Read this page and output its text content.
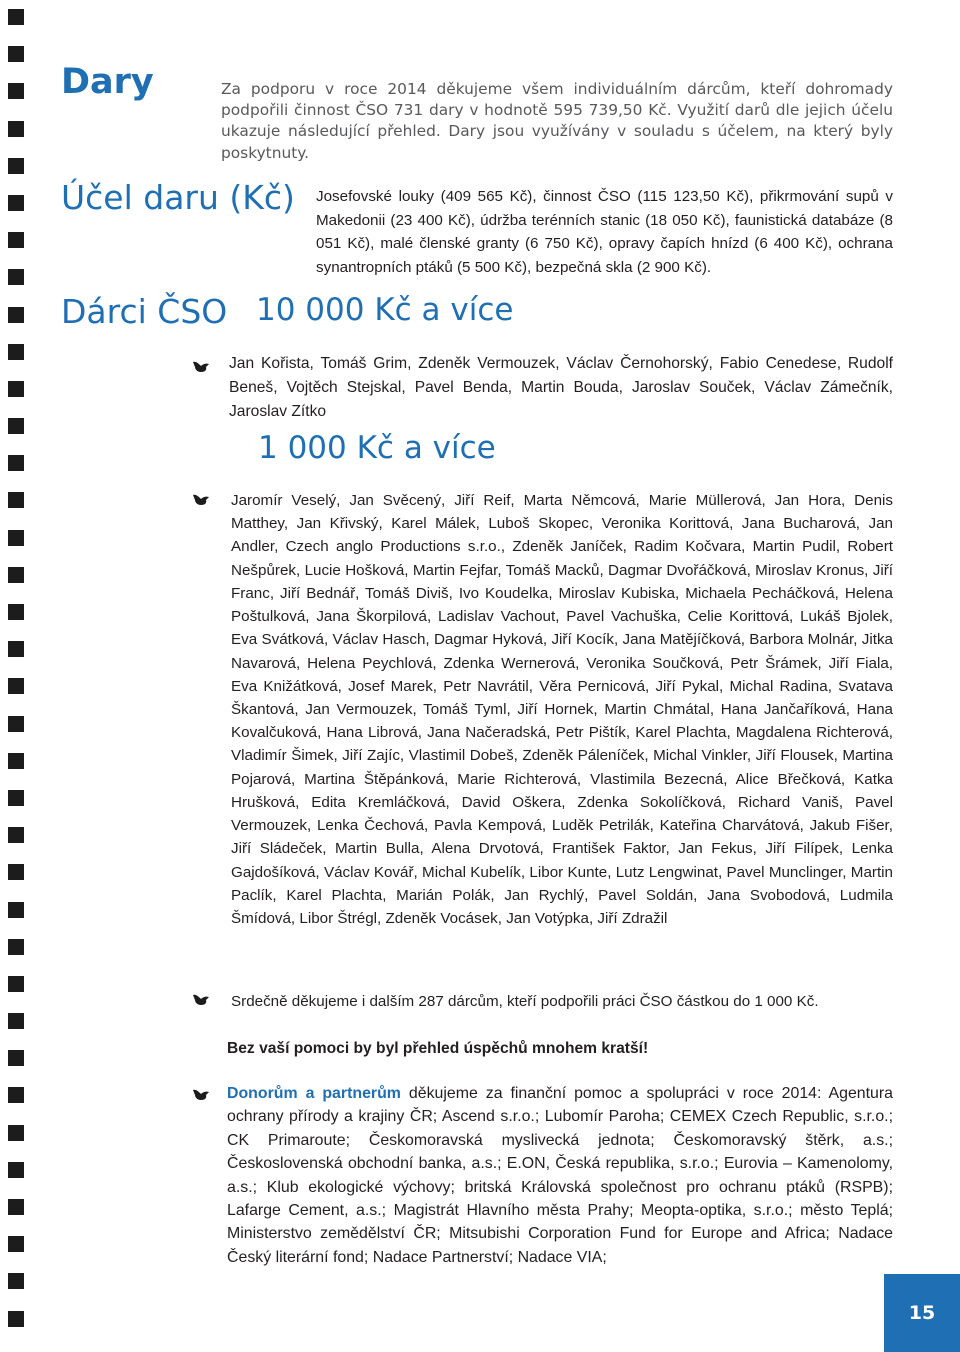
Dary
Účel daru (Kč)
Dárci ČSO

Za podporu v roce 2014 děkujeme všem individuálním dárcům, kteří dohromady podpořili činnost ČSO 731 dary v hodnotě 595 739,50 Kč. Využití darů dle jejich účelu ukazuje následující přehled. Dary jsou využívány v souladu s účelem, na který byly poskytnuty.

Josefovské louky (409 565 Kč), činnost ČSO (115 123,50 Kč), přikrmování supů v Makedonii (23 400 Kč), údržba terénních stanic (18 050 Kč), faunistická databáze (8 051 Kč), malé členské granty (6 750 Kč), opravy čapích hnízd (6 400 Kč), ochrana synantropních ptáků (5 500 Kč), bezpečná skla (2 900 Kč).

10 000 Kč a více

Jan Kořista, Tomáš Grim, Zdeněk Vermouzek, Václav Černohorský, Fabio Cenedese, Rudolf Beneš, Vojtěch Stejskal, Pavel Benda, Martin Bouda, Jaroslav Souček, Václav Zámečník, Jaroslav Zítko

1 000 Kč a více

Jaromír Veselý, Jan Svěcený, Jiří Reif, Marta Němcová, Marie Müllerová, Jan Hora, Denis Matthey, Jan Křivský, Karel Málek, Luboš Skopec, Veronika Korittová, Jana Bucharová, Jan Andler, Czech anglo Productions s.r.o., Zdeněk Janíček, Radim Kočvara, Martin Pudil, Robert Nešpůrek, Lucie Hošková, Martin Fejfar, Tomáš Macků, Dagmar Dvořáčková, Miroslav Kronus, Jiří Franc, Jiří Bednář, Tomáš Diviš, Ivo Koudelka, Miroslav Kubiska, Michaela Pecháčková, Helena Poštulková, Jana Škorpilová, Ladislav Vachout, Pavel Vachuška, Celie Korittová, Lukáš Bjolek, Eva Svátková, Václav Hasch, Dagmar Hyková, Jiří Kocík, Jana Matějíčková, Barbora Molnár, Jitka Navarová, Helena Peychlová, Zdenka Wernerová, Veronika Součková, Petr Šrámek, Jiří Fiala, Eva Knižátková, Josef Marek, Petr Navrátil, Věra Pernicová, Jiří Pykal, Michal Radina, Svatava Škantová, Jan Vermouzek, Tomáš Tyml, Jiří Hornek, Martin Chmátal, Hana Jančaříková, Hana Kovalčuková, Hana Librová, Jana Načeradská, Petr Pištík, Karel Plachta, Magdalena Richterová, Vladimír Šimek, Jiří Zajíc, Vlastimil Dobeš, Zdeněk Páleníček, Michal Vinkler, Jiří Flousek, Martina Pojarová, Martina Štěpánková, Marie Richterová, Vlastimila Bezecná, Alice Břečková, Katka Hrušková, Edita Kremláčková, David Oškera, Zdenka Sokolíčková, Richard Vaniš, Pavel Vermouzek, Lenka Čechová, Pavla Kempová, Luděk Petrilák, Kateřina Charvátová, Jakub Fišer, Jiří Sládeček, Martin Bulla, Alena Drvotová, František Faktor, Jan Fekus, Jiří Filípek, Lenka Gajdošíková, Václav Kovář, Michal Kubelík, Libor Kunte, Lutz Lengwinat, Pavel Munclinger, Martin Paclík, Karel Plachta, Marián Polák, Jan Rychlý, Pavel Soldán, Jana Svobodová, Ludmila Šmídová, Libor Štrégl, Zdeněk Vocásek, Jan Votýpka, Jiří Zdražil

Srdečně děkujeme i dalším 287 dárcům, kteří podpořili práci ČSO částkou do 1 000 Kč.

Bez vaší pomoci by byl přehled úspěchů mnohem kratší!

Donorům a partnerům děkujeme za finanční pomoc a spolupráci v roce 2014: Agentura ochrany přírody a krajiny ČR; Ascend s.r.o.; Lubomír Paroha; CEMEX Czech Republic, s.r.o.; CK Primaroute; Českomoravská myslivecká jednota; Českomoravský štěrk, a.s.; Československá obchodní banka, a.s.; E.ON, Česká republika, s.r.o.; Eurovia – Kamenolomy, a.s.; Klub ekologické výchovy; britská Královská společnost pro ochranu ptáků (RSPB); Lafarge Cement, a.s.; Magistrát Hlavního města Prahy; Meopta-optika, s.r.o.; město Teplá; Ministerstvo zemědělství ČR; Mitsubishi Corporation Fund for Europe and Africa; Nadace Český literární fond; Nadace Partnerství; Nadace VIA;

15
